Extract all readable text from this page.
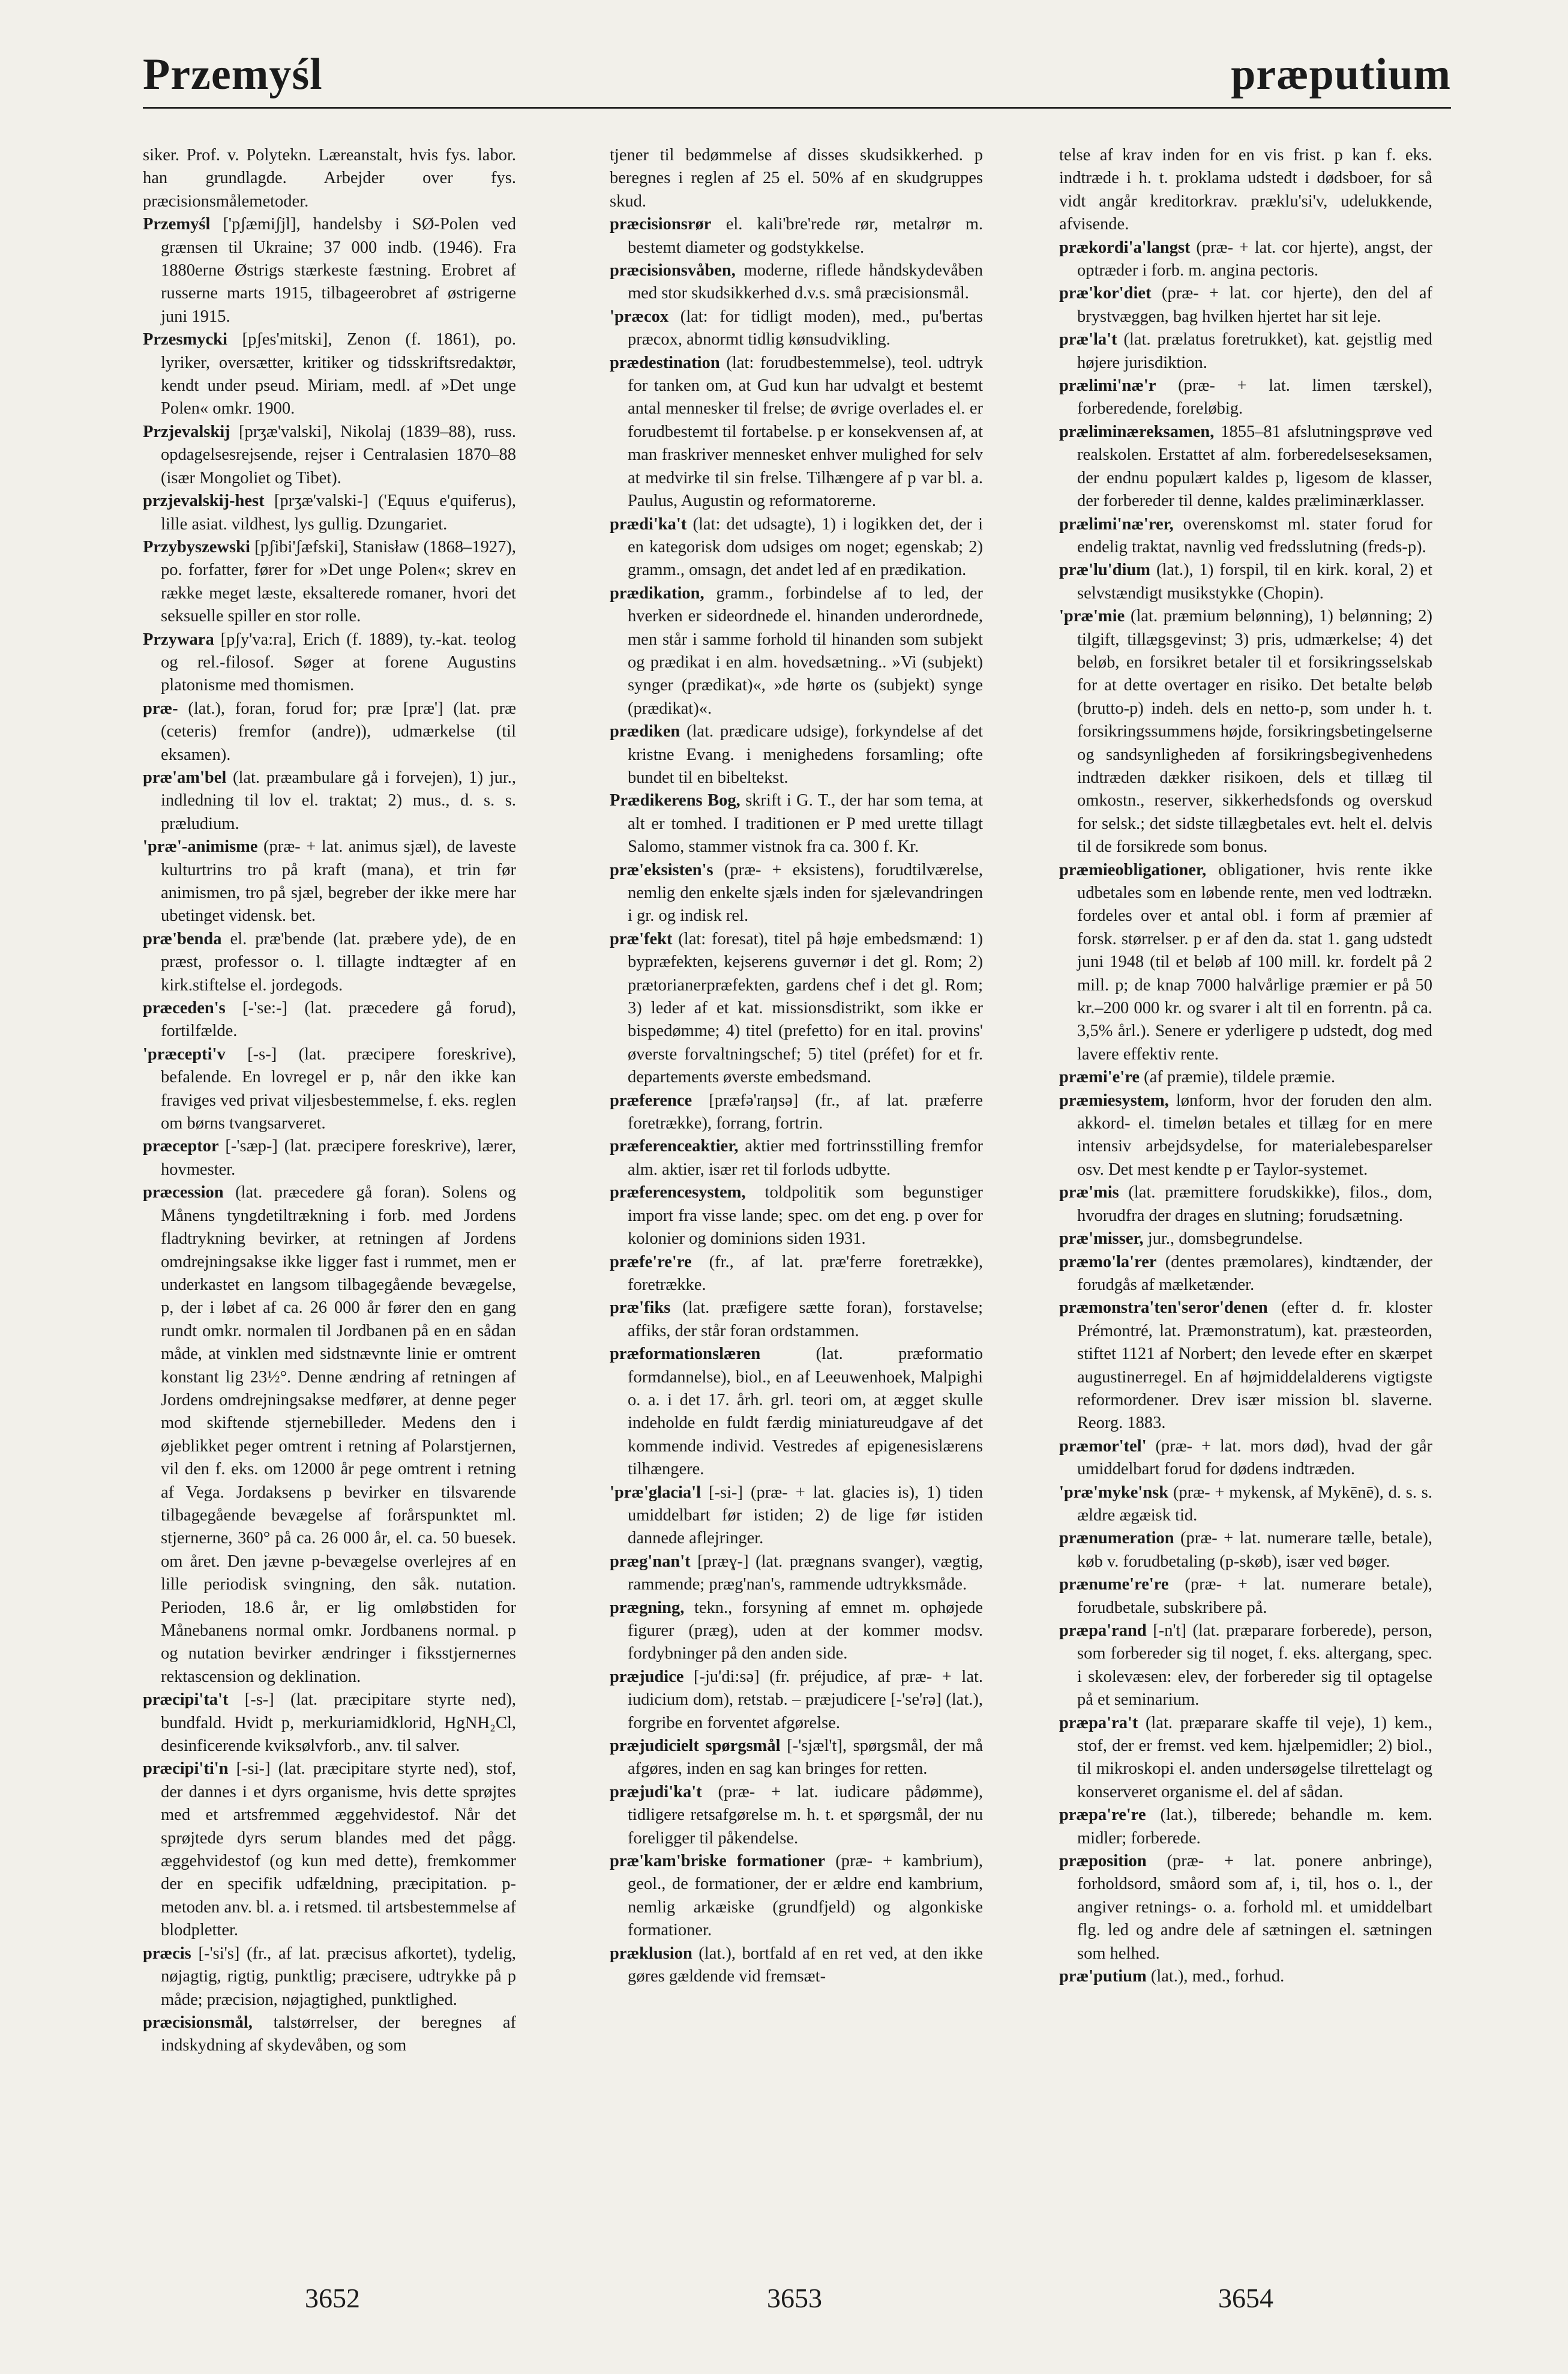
Przemyśl	præputium

siker. Prof. v. Polytekn. Læreanstalt, hvis fys. labor. han grundlagde. Arbejder over fys. præcisionsmålemetoder.

Przemyśl ['pʃæmiʃjl], handelsby i SØ-Polen ved grænsen til Ukraine; 37 000 indb. (1946). Fra 1880erne Østrigs stærkeste fæstning. Erobret af russerne marts 1915, tilbageerobret af østrigerne juni 1915.

Przesmycki [pʃes'mitski], Zenon (f. 1861), po. lyriker, oversætter, kritiker og tidsskriftsredaktør, kendt under pseud. Miriam, medl. af »Det unge Polen« omkr. 1900.

Przjevalskij [prʒæ'valski], Nikolaj (1839–88), russ. opdagelsesrejsende, rejser i Centralasien 1870–88 (især Mongoliet og Tibet).

przjevalskij-hest [prʒæ'valski-] ('Equus e'quiferus), lille asiat. vildhest, lys gullig. Dzungariet.

Przybyszewski [pʃibi'ʃæfski], Stanisław (1868–1927), po. forfatter, fører for »Det unge Polen«; skrev en række meget læste, eksalterede romaner, hvori det seksuelle spiller en stor rolle.

Przywara [pʃy'va:ra], Erich (f. 1889), ty.-kat. teolog og rel.-filosof. Søger at forene Augustins platonisme med thomismen.

præ- (lat.), foran, forud for; præ [præ'] (lat. præ (ceteris) fremfor (andre)), udmærkelse (til eksamen).

præ'am'bel (lat. præambulare gå i forvejen), 1) jur., indledning til lov el. traktat; 2) mus., d. s. s. præludium.

'præ'-animisme (præ- + lat. animus sjæl), de laveste kulturtrins tro på kraft (mana), et trin før animismen, tro på sjæl, begreber der ikke mere har ubetinget vidensk. bet.

præ'benda el. præ'bende (lat. præbere yde), de en præst, professor o. l. tillagte indtægter af en kirk.stiftelse el. jordegods.

præceden's [-'se:-] (lat. præcedere gå forud), fortilfælde.

'præcepti'v [-s-] (lat. præcipere foreskrive), befalende. En lovregel er p, når den ikke kan fraviges ved privat viljesbestemmelse, f. eks. reglen om børns tvangsarveret.

præceptor [-'sæp-] (lat. præcipere foreskrive), lærer, hovmester.

præcession (lat. præcedere gå foran). Solens og Månens tyngdetiltrækning i forb. med Jordens fladtrykning bevirker, at retningen af Jordens omdrejningsakse ikke ligger fast i rummet, men er underkastet en langsom tilbagegående bevægelse, p, der i løbet af ca. 26 000 år fører den en gang rundt omkr. normalen til Jordbanen på en en sådan måde, at vinklen med sidstnævnte linie er omtrent konstant lig 23½°. Denne ændring af retningen af Jordens omdrejningsakse medfører, at denne peger mod skiftende stjernebilleder. Medens den i øjeblikket peger omtrent i retning af Polarstjernen, vil den f. eks. om 12000 år pege omtrent i retning af Vega. Jordaksens p bevirker en tilsvarende tilbagegående bevægelse af forårspunktet ml. stjernerne, 360° på ca. 26 000 år, el. ca. 50 buesek. om året. Den jævne p-bevægelse overlejres af en lille periodisk svingning, den såk. nutation. Perioden, 18.6 år, er lig omløbstiden for Månebanens normal omkr. Jordbanens normal. p og nutation bevirker ændringer i fiksstjernernes rektascension og deklination.

præcipi'ta't [-s-] (lat. præcipitare styrte ned), bundfald. Hvidt p, merkuriamidklorid, HgNH₂Cl, desinficerende kviksølvforb., anv. til salver.

præcipi'ti'n [-si-] (lat. præcipitare styrte ned), stof, der dannes i et dyrs organisme, hvis dette sprøjtes med et artsfremmed æggehvidestof. Når det sprøjtede dyrs serum blandes med det pågg. æggehvidestof (og kun med dette), fremkommer der en specifik udfældning, præcipitation. p-metoden anv. bl. a. i retsmed. til artsbestemmelse af blodpletter.

præcis [-'si's] (fr., af lat. præcisus afkortet), tydelig, nøjagtig, rigtig, punktlig; præcisere, udtrykke på p måde; præcision, nøjagtighed, punktlighed.

præcisionsmål, talstørrelser, der beregnes af indskydning af skydevåben, og som

tjener til bedømmelse af disses skudsikkerhed. p beregnes i reglen af 25 el. 50% af en skudgruppes skud.

præcisionsrør el. kali'bre'rede rør, metalrør m. bestemt diameter og godstykkelse.

præcisionsvåben, moderne, riflede håndskydevåben med stor skudsikkerhed d.v.s. små præcisionsmål.

'præcox (lat: for tidligt moden), med., pu'bertas præcox, abnormt tidlig kønsudvikling.

prædestination (lat: forudbestemmelse), teol. udtryk for tanken om, at Gud kun har udvalgt et bestemt antal mennesker til frelse; de øvrige overlades el. er forudbestemt til fortabelse. p er konsekvensen af, at man fraskriver mennesket enhver mulighed for selv at medvirke til sin frelse. Tilhængere af p var bl. a. Paulus, Augustin og reformatorerne.

prædi'ka't (lat: det udsagte), 1) i logikken det, der i en kategorisk dom udsiges om noget; egenskab; 2) gramm., omsagn, det andet led af en prædikation.

prædikation, gramm., forbindelse af to led, der hverken er sideordnede el. hinanden underordnede, men står i samme forhold til hinanden som subjekt og prædikat i en alm. hovedsætning.. »Vi (subjekt) synger (prædikat)«, »de hørte os (subjekt) synge (prædikat)«.

prædiken (lat. prædicare udsige), forkyndelse af det kristne Evang. i menighedens forsamling; ofte bundet til en bibeltekst.

Prædikerens Bog, skrift i G. T., der har som tema, at alt er tomhed. I traditionen er P med urette tillagt Salomo, stammer vistnok fra ca. 300 f. Kr.

præ'eksisten's (præ- + eksistens), forudtilværelse, nemlig den enkelte sjæls inden for sjælevandringen i gr. og indisk rel.

præ'fekt (lat: foresat), titel på høje embedsmænd: 1) bypræfekten, kejserens guvernør i det gl. Rom; 2) prætorianerpræfekten, gardens chef i det gl. Rom; 3) leder af et kat. missionsdistrikt, som ikke er bispedømme; 4) titel (prefetto) for en ital. provins' øverste forvaltningschef; 5) titel (préfet) for et fr. departements øverste embedsmand.

præference [præfə'raŋsə] (fr., af lat. præferre foretrække), forrang, fortrin.

præferenceaktier, aktier med fortrinsstilling fremfor alm. aktier, især ret til forlods udbytte.

præferencesystem, toldpolitik som begunstiger import fra visse lande; spec. om det eng. p over for kolonier og dominions siden 1931.

præfe're're (fr., af lat. præ'ferre foretrække), foretrække.

præ'fiks (lat. præfigere sætte foran), forstavelse; affiks, der står foran ordstammen.

præformationslæren	(lat. præformatio formdannelse), biol., en af Leeuwenhoek, Malpighi o. a. i det 17. årh. grl. teori om, at ægget skulle indeholde en fuldt færdig miniatureudgave af det kommende individ. Vestredes af epigenesislærens tilhængere.

'præ'glacia'l [-si-] (præ- + lat. glacies is), 1) tiden umiddelbart før istiden; 2) de lige før istiden dannede aflejringer.

præg'nan't [præɣ-] (lat. prægnans svanger), vægtig, rammende; præg'nan's, rammende udtrykksmåde.

prægning, tekn., forsyning af emnet m. ophøjede figurer (præg), uden at der kommer modsv. fordybninger på den anden side.

præjudice [-ju'di:sə] (fr. préjudice, af præ- + lat. iudicium dom), retstab. – præjudicere [-'se'rə] (lat.), forgribe en forventet afgørelse.

præjudicielt spørgsmål [-'sjæl't], spørgsmål, der må afgøres, inden en sag kan bringes for retten.

præjudi'ka't (præ- + lat. iudicare pådømme), tidligere retsafgørelse m. h. t. et spørgsmål, der nu foreligger til påkendelse.

præ'kam'briske formationer (præ- + kambrium), geol., de formationer, der er ældre end kambrium, nemlig arkæiske (grundfjeld) og algonkiske formationer.

præklusion (lat.), bortfald af en ret ved, at den ikke gøres gældende vid fremsæt-

telse af krav inden for en vis frist. p kan f. eks. indtræde i h. t. proklama udstedt i dødsboer, for så vidt angår kreditorkrav. præklu'si'v, udelukkende, afvisende.

prækordi'a'langst (præ- + lat. cor hjerte), angst, der optræder i forb. m. angina pectoris.

præ'kor'diet (præ- + lat. cor hjerte), den del af brystvæggen, bag hvilken hjertet har sit leje.

præ'la't (lat. prælatus foretrukket), kat. gejstlig med højere jurisdiktion.

prælimi'næ'r (præ- + lat. limen tærskel), forberedende, foreløbig.

præliminæreksamen, 1855–81 afslutningsprøve ved realskolen. Erstattet af alm. forberedelseseksamen, der endnu populært kaldes p, ligesom de klasser, der forbereder til denne, kaldes præliminærklasser.

prælimi'næ'rer, overenskomst ml. stater forud for endelig traktat, navnlig ved fredsslutning (freds-p).

præ'lu'dium (lat.), 1) forspil, til en kirk. koral, 2) et selvstændigt musikstykke (Chopin).

'præ'mie (lat. præmium belønning), 1) belønning; 2) tilgift, tillægsgevinst; 3) pris, udmærkelse; 4) det beløb, en forsikret betaler til et forsikringsselskab for at dette overtager en risiko. Det betalte beløb (brutto-p) indeh. dels en netto-p, som under h. t. forsikringssummens højde, forsikringsbetingelserne og sandsynligheden af forsikringsbegivenhedens indtræden dækker risikoen, dels et tillæg til omkostn., reserver, sikkerhedsfonds og overskud for selsk.; det sidste tillægbetales evt. helt el. delvis til de forsikrede som bonus.

præmieobligationer, obligationer, hvis rente ikke udbetales som en løbende rente, men ved lodtrækn. fordeles over et antal obl. i form af præmier af forsk. størrelser. p er af den da. stat 1. gang udstedt juni 1948 (til et beløb af 100 mill. kr. fordelt på 2 mill. p; de knap 7000 halvårlige præmier er på 50 kr.–200 000 kr. og svarer i alt til en forrentn. på ca. 3,5% årl.). Senere er yderligere p udstedt, dog med lavere effektiv rente.

præmi'e're (af præmie), tildele præmie.

præmiesystem, lønform, hvor der foruden den alm. akkord- el. timeløn betales et tillæg for en mere intensiv arbejdsydelse, for materialebesparelser osv. Det mest kendte p er Taylor-systemet.

præ'mis (lat. præmittere forudskikke), filos., dom, hvorudfra der drages en slutning; forudsætning.

præ'misser, jur., domsbegrundelse.

præmo'la'rer (dentes præmolares), kindtænder, der forudgås af mælketænder.

præmonstra'ten'seror'denen (efter d. fr. kloster Prémontré, lat. Præmonstratum), kat. præsteorden, stiftet 1121 af Norbert; den levede efter en skærpet augustinerregel. En af højmiddelalderens vigtigste reformordener. Drev især mission bl. slaverne. Reorg. 1883.

præmor'tel' (præ- + lat. mors død), hvad der går umiddelbart forud for dødens indtræden.

'præ'myke'nsk (præ- + mykensk, af Mykēnē), d. s. s. ældre ægæisk tid.

prænumeration (præ- + lat. numerare tælle, betale), køb v. forudbetaling (p-skøb), især ved bøger.

prænume're're (præ- + lat. numerare betale), forudbetale, subskribere på.

præpa'rand [-n't] (lat. præparare forberede), person, som forbereder sig til noget, f. eks. altergang, spec. i skolevæsen: elev, der forbereder sig til optagelse på et seminarium.

præpa'ra't (lat. præparare skaffe til veje), 1) kem., stof, der er fremst. ved kem. hjælpemidler; 2) biol., til mikroskopi el. anden undersøgelse tilrettelagt og konserveret organisme el. del af sådan.

præpa're're (lat.), tilberede; behandle m. kem. midler; forberede.

præposition (præ- + lat. ponere anbringe), forholdsord, småord som af, i, til, hos o. l., der angiver retnings- o. a. forhold ml. et umiddelbart flg. led og andre dele af sætningen el. sætningen som helhed.

præ'putium (lat.), med., forhud.

3652	3653	3654
